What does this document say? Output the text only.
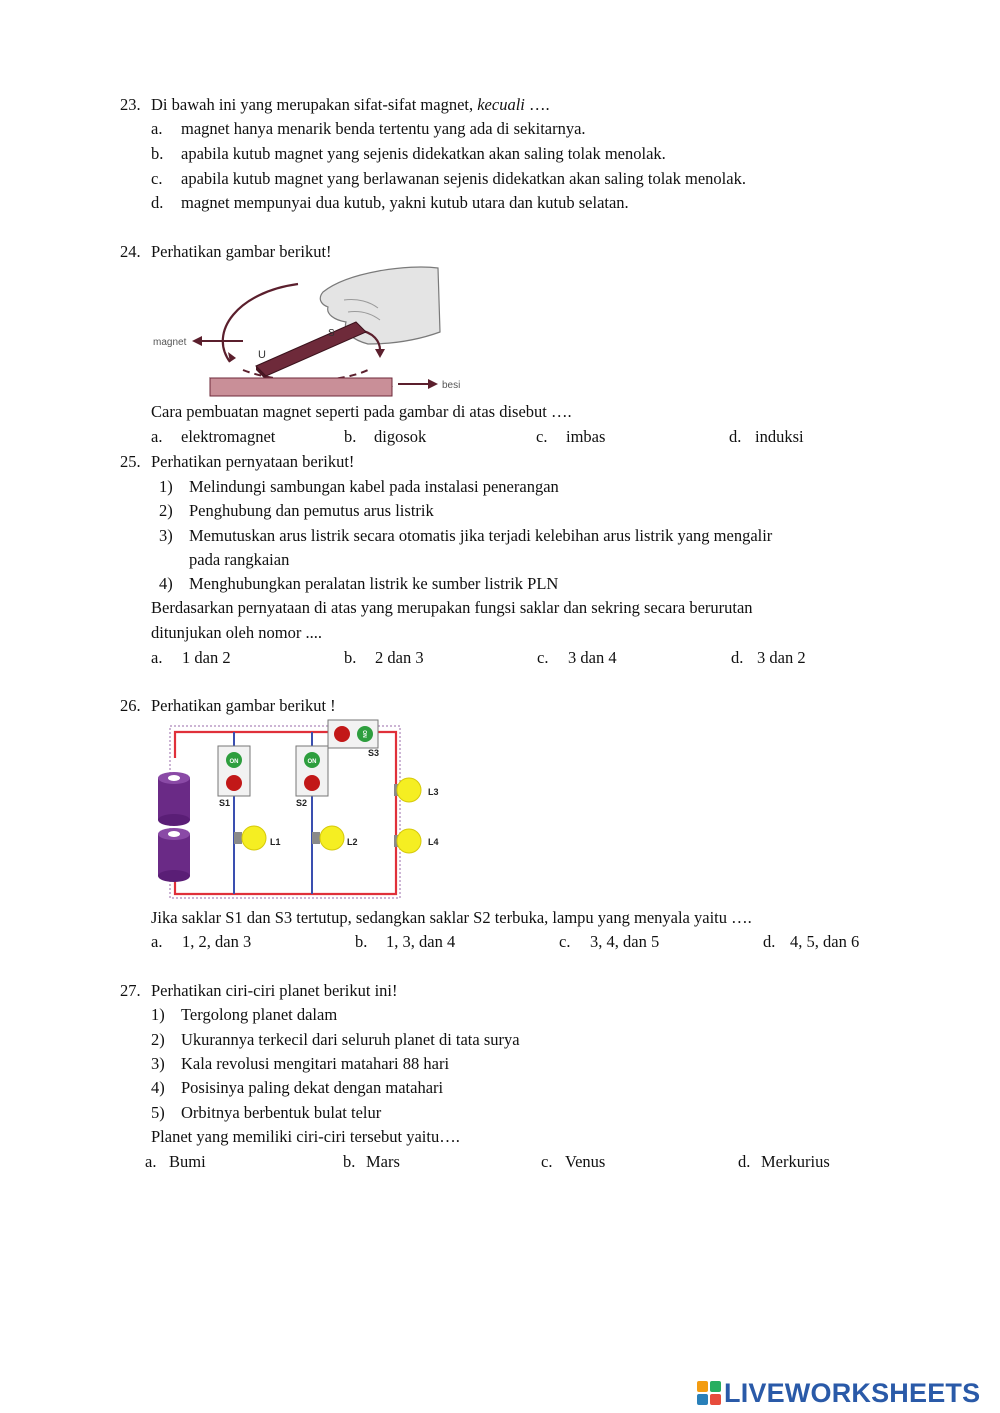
23. Di bawah ini yang merupakan sifat-sifat magnet, kecuali ….
a. magnet hanya menarik benda tertentu yang ada di sekitarnya.
b. apabila kutub magnet yang sejenis didekatkan akan saling tolak menolak.
c. apabila kutub magnet yang berlawanan sejenis didekatkan akan saling tolak menolak.
d. magnet mempunyai dua kutub, yakni kutub utara dan kutub selatan.
24. Perhatikan gambar berikut!
U
S
magnet
besi
Cara pembuatan magnet seperti pada gambar di atas disebut ….
a. elektromagnet	b. digosok	c. imbas	d. induksi
25. Perhatikan pernyataan berikut!
1) Melindungi sambungan kabel pada instalasi penerangan
2) Penghubung dan pemutus arus listrik
3) Memutuskan arus listrik secara otomatis jika terjadi kelebihan arus listrik yang mengalir
pada rangkaian
4) Menghubungkan peralatan listrik ke sumber listrik PLN
Berdasarkan pernyataan di atas yang merupakan fungsi saklar dan sekring secara berurutan
ditunjukan oleh nomor ....
a. 1 dan 2	b. 2 dan 3	c. 3 dan 4	d. 3 dan 2
26. Perhatikan gambar berikut !
ON
S1
ON
S2
ON
S3
L1	L2
L3
L4
Jika saklar S1 dan S3 tertutup, sedangkan saklar S2 terbuka, lampu yang menyala yaitu ….
a. 1, 2, dan 3	b. 1, 3, dan 4	c. 3, 4, dan 5	d. 4, 5, dan 6
27. Perhatikan ciri-ciri planet berikut ini!
1) Tergolong planet dalam
2) Ukurannya terkecil dari seluruh planet di tata surya
3) Kala revolusi mengitari matahari 88 hari
4) Posisinya paling dekat dengan matahari
5) Orbitnya berbentuk bulat telur
Planet yang memiliki ciri-ciri tersebut yaitu….
a. Bumi	b. Mars	c. Venus	d. Merkurius
LIVEWORKSHEETS
